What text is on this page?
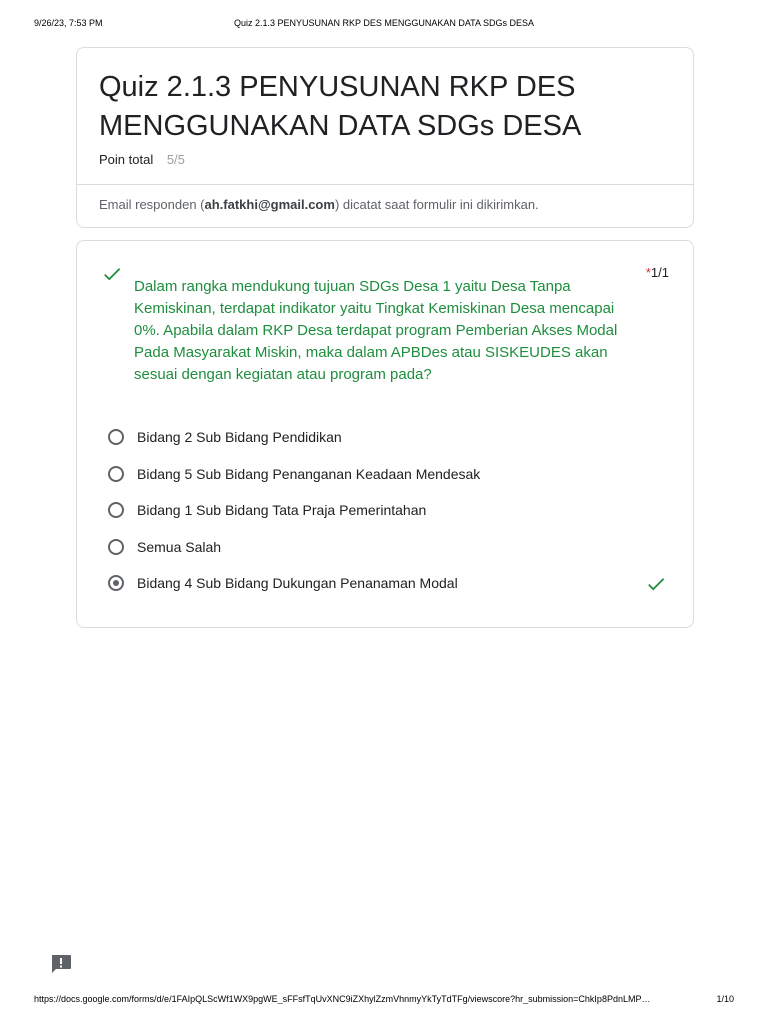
9/26/23, 7:53 PM	Quiz 2.1.3 PENYUSUNAN RKP DES MENGGUNAKAN DATA SDGs DESA
Quiz 2.1.3 PENYUSUNAN RKP DES MENGGUNAKAN DATA SDGs DESA
Poin total 5/5
Email responden (ah.fatkhi@gmail.com) dicatat saat formulir ini dikirimkan.
Dalam rangka mendukung tujuan SDGs Desa 1 yaitu Desa Tanpa Kemiskinan, terdapat indikator yaitu Tingkat Kemiskinan Desa mencapai 0%. Apabila dalam RKP Desa terdapat program Pemberian Akses Modal Pada Masyarakat Miskin, maka dalam APBDes atau SISKEUDES akan sesuai dengan kegiatan atau program pada?
*1/1
Bidang 2 Sub Bidang Pendidikan
Bidang 5 Sub Bidang Penanganan Keadaan Mendesak
Bidang 1 Sub Bidang Tata Praja Pemerintahan
Semua Salah
Bidang 4 Sub Bidang Dukungan Penanaman Modal
https://docs.google.com/forms/d/e/1FAIpQLScWf1WX9pgWE_sFFsfTqUvXNC9iZXhylZzmVhnmyYkTyTdTFg/viewscore?hr_submission=ChkIp8PdnLMP…	1/10
